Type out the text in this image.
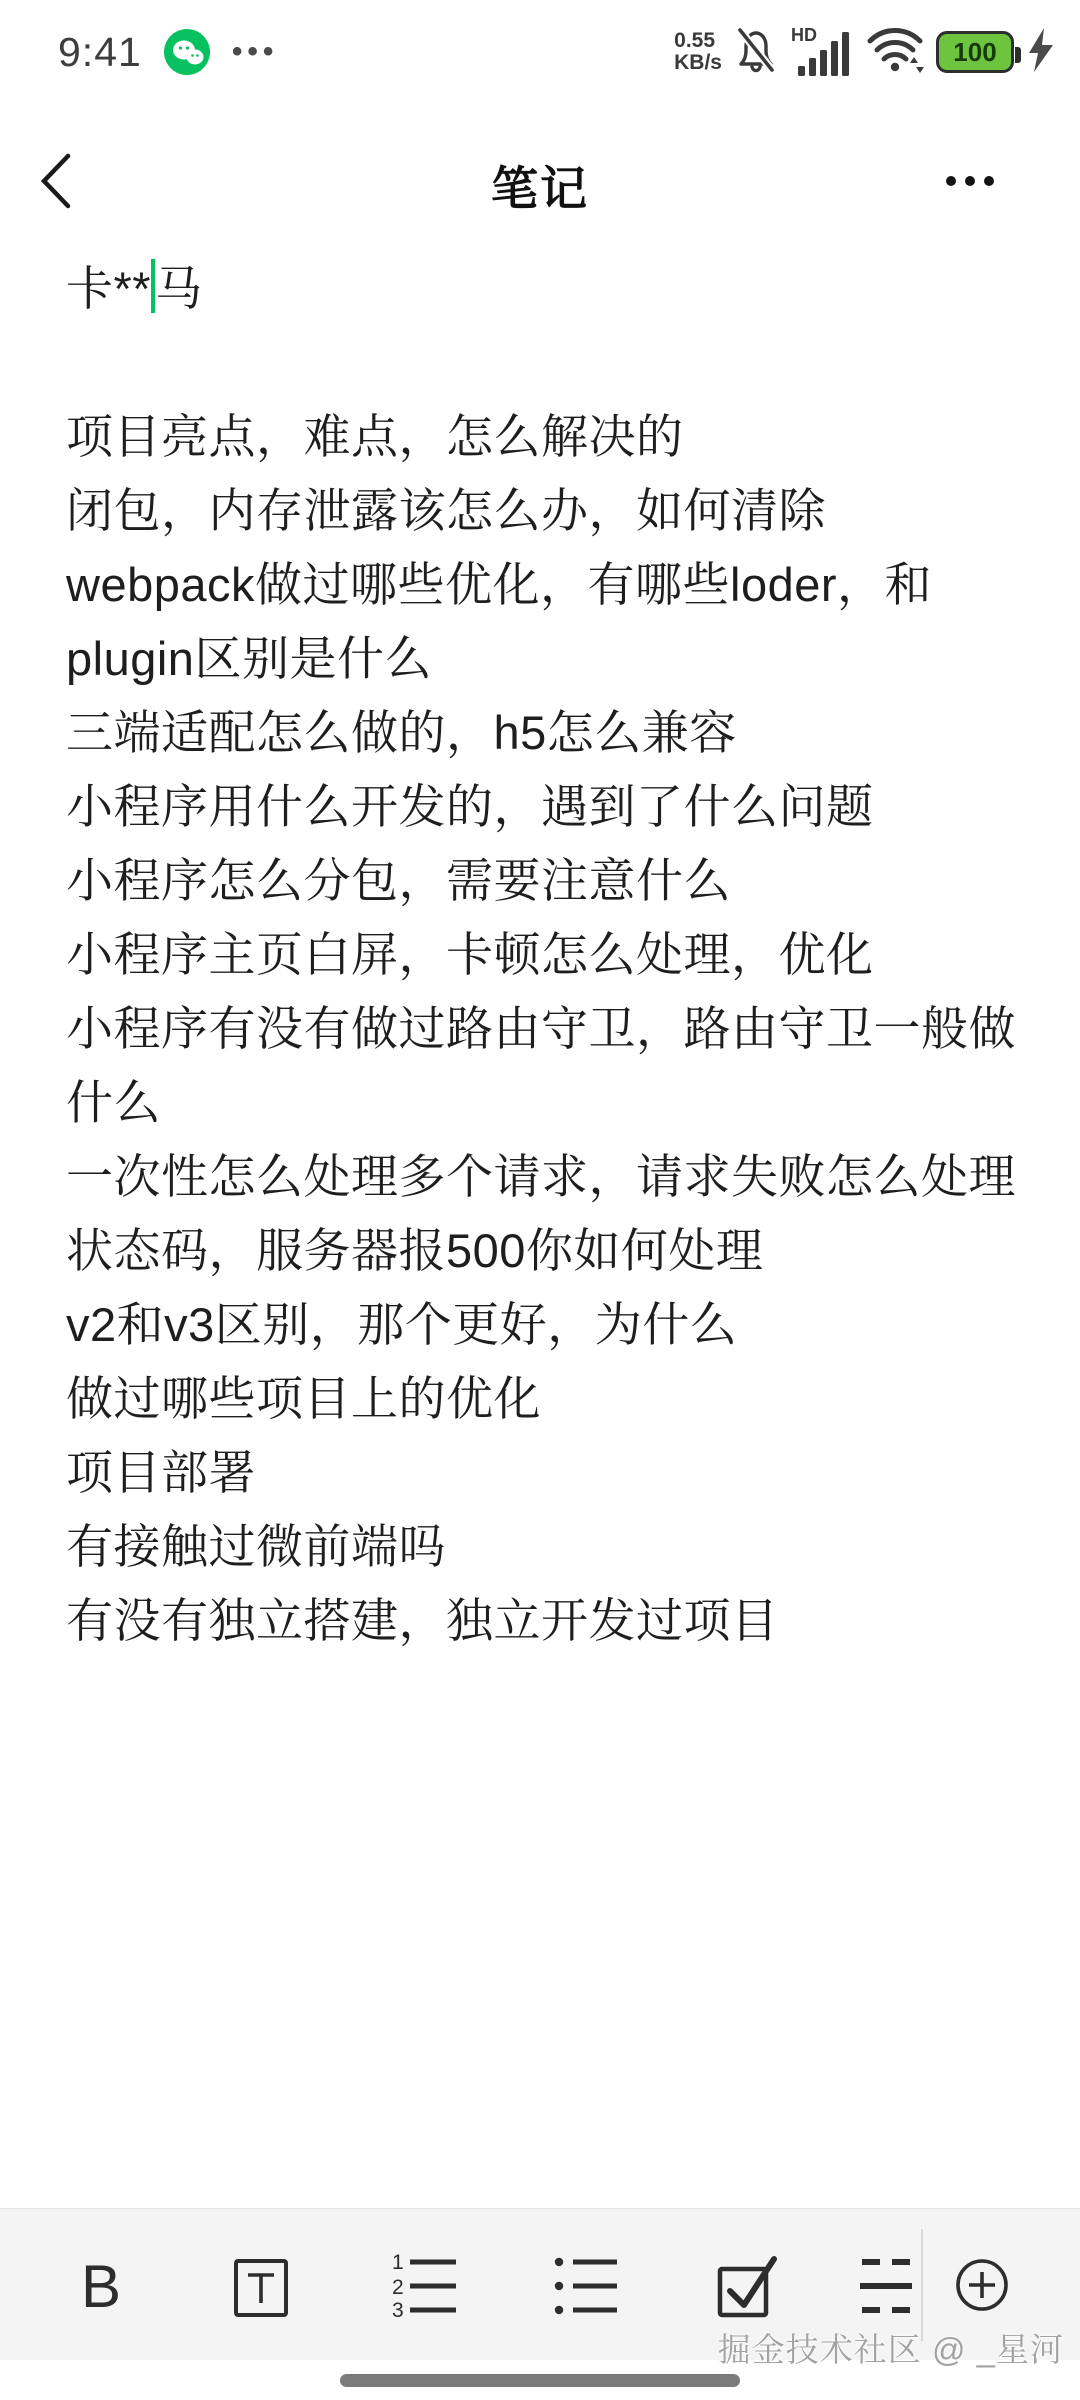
9:41	•••	0.55
KB/s
HD
100
笔记
卡**马
项目亮点，难点，怎么解决的
闭包，内存泄露该怎么办，如何清除
webpack做过哪些优化，有哪些loder，和plugin区别是什么
三端适配怎么做的，h5怎么兼容
小程序用什么开发的，遇到了什么问题
小程序怎么分包，需要注意什么
小程序主页白屏，卡顿怎么处理，优化
小程序有没有做过路由守卫，路由守卫一般做什么
一次性怎么处理多个请求，请求失败怎么处理
状态码，服务器报500你如何处理
v2和v3区别，那个更好，为什么
做过哪些项目上的优化
项目部署
有接触过微前端吗
有没有独立搭建，独立开发过项目
B	1
2
3
掘金技术社区 @ _星河
